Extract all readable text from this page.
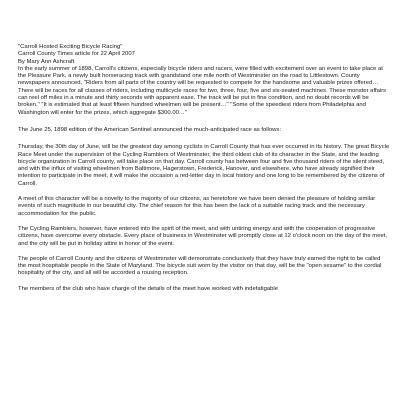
"Carroll Hosted Exciting Bicycle Racing"

Carroll County Times article for 22 April 2007

By Mary Ann Ashcraft

In the early summer of 1898, Carroll's citizens, especially bicycle riders and racers, were filled with excitement over an event to take place at the Pleasure Park, a newly built horseracing track with grandstand one mile north of Westminster on the road to Littlestown. County newspapers announced, "Riders from all parts of the country will be requested to compete for the handsome and valuable prizes offered…There will be races for all classes of riders, including multicycle races for two, three, four, five and six-seated machines. These monster affairs can reel off miles in a minute and thirty seconds with apparent ease. The track will be put in fine condition, and no doubt records will be broken." "It is estimated that at least fifteen hundred wheelmen will be present…" "Some of the speediest riders from Philadelphia and Washington will enter for the prizes, which aggregate $300.00…"

The June 25, 1898 edition of the American Sentinel announced the much-anticipated race as follows:

Thursday, the 30th day of June, will be the greatest day among cyclists in Carroll County that has ever occurred in its history. The great Bicycle Race Meet under the supervision of the Cycling Ramblers of Westminster, the third oldest club of its character in the State, and the leading bicycle organization in Carroll county, will take place on that day. Carroll county has between four and five thousand riders of the silent steed, and with the influx of visiting wheelmen from Baltimore, Hagerstown, Frederick, Hanover, and elsewhere, who have already signified their intention to participate in the meet, it will make the occasion a red-letter day in local history and one long to be remembered by the citizens of Carroll.

A meet of this character will be a novelty to the majority of our citizens, as heretofore we have been denied the pleasure of holding similar events of such magnitude in our beautiful city. The chief reason for this has been the lack of a suitable racing track and the necessary accommodation for the public.

The Cycling Ramblers, however, have entered into the spirit of the meet, and with untiring energy and with the cooperation of progressive citizens, have overcome every obstacle. Every place of business in Westminster will promptly close at 12 o'clock noon on the day of the meet, and the city will be put in holiday attire in honor of the event.

The people of Carroll County and the citizens of Westminster will demonstrate conclusively that they have truly earned the right to be called the most hospitable people in the State of Maryland. The bicycle suit worn by the visitor on that day, will be the "open sesame" to the cordial hospitality of the city, and all will be accorded a rousing reception.

The members of the club who have charge of the details of the meet have worked with indefatigable
